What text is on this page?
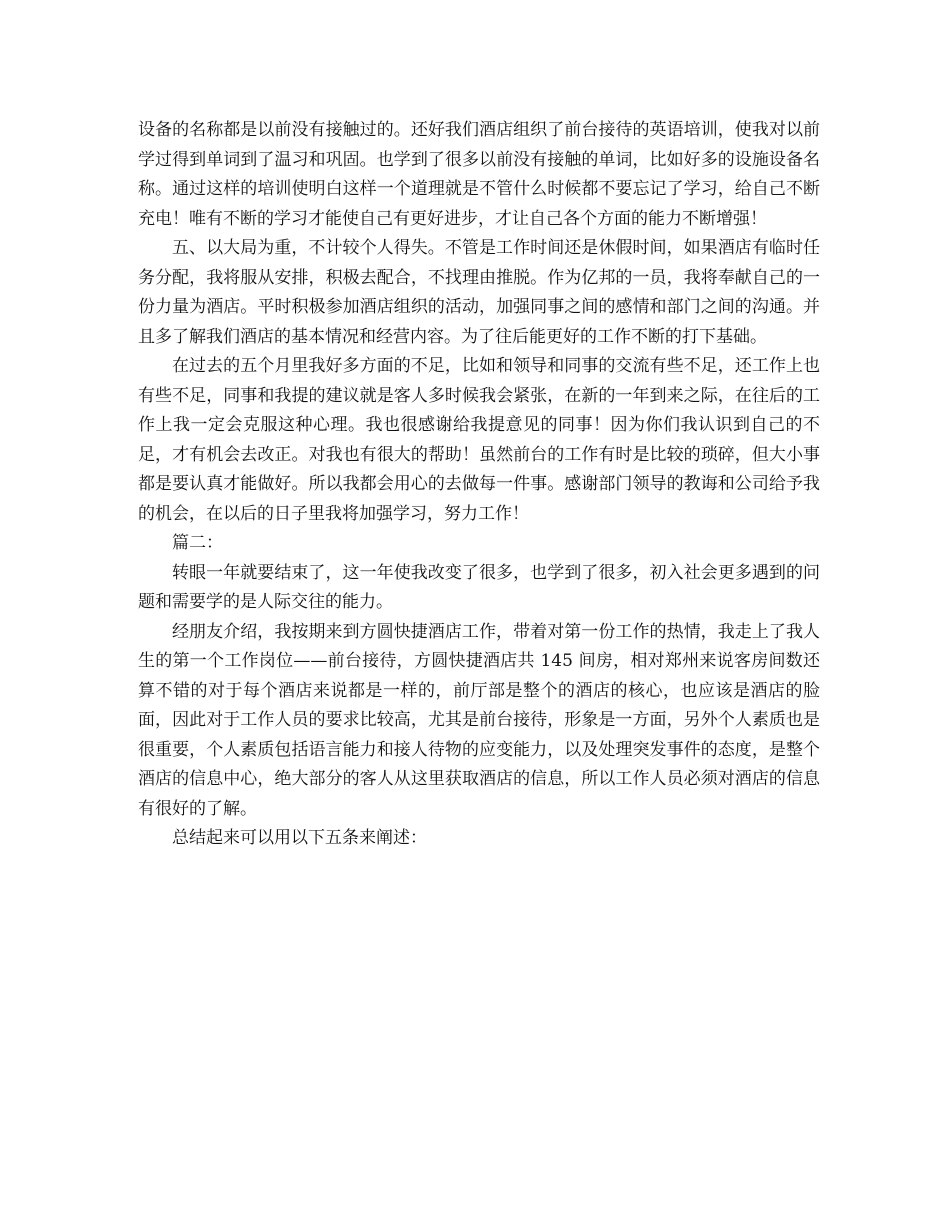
设备的名称都是以前没有接触过的。还好我们酒店组织了前台接待的英语培训，使我对以前学过得到单词到了温习和巩固。也学到了很多以前没有接触的单词，比如好多的设施设备名称。通过这样的培训使明白这样一个道理就是不管什么时候都不要忘记了学习，给自己不断充电！唯有不断的学习才能使自己有更好进步，才让自己各个方面的能力不断增强！

五、以大局为重，不计较个人得失。不管是工作时间还是休假时间，如果酒店有临时任务分配，我将服从安排，积极去配合，不找理由推脱。作为亿邦的一员，我将奉献自己的一份力量为酒店。平时积极参加酒店组织的活动，加强同事之间的感情和部门之间的沟通。并且多了解我们酒店的基本情况和经营内容。为了往后能更好的工作不断的打下基础。

在过去的五个月里我好多方面的不足，比如和领导和同事的交流有些不足，还工作上也有些不足，同事和我提的建议就是客人多时候我会紧张，在新的一年到来之际，在往后的工作上我一定会克服这种心理。我也很感谢给我提意见的同事！因为你们我认识到自己的不足，才有机会去改正。对我也有很大的帮助！虽然前台的工作有时是比较的琐碎，但大小事都是要认真才能做好。所以我都会用心的去做每一件事。感谢部门领导的教诲和公司给予我的机会，在以后的日子里我将加强学习，努力工作！

篇二：

转眼一年就要结束了，这一年使我改变了很多，也学到了很多，初入社会更多遇到的问题和需要学的是人际交往的能力。

经朋友介绍，我按期来到方圆快捷酒店工作，带着对第一份工作的热情，我走上了我人生的第一个工作岗位——前台接待，方圆快捷酒店共 145 间房，相对郑州来说客房间数还算不错的对于每个酒店来说都是一样的，前厅部是整个的酒店的核心，也应该是酒店的脸面，因此对于工作人员的要求比较高，尤其是前台接待，形象是一方面，另外个人素质也是很重要，个人素质包括语言能力和接人待物的应变能力，以及处理突发事件的态度，是整个酒店的信息中心，绝大部分的客人从这里获取酒店的信息，所以工作人员必须对酒店的信息有很好的了解。

总结起来可以用以下五条来阐述：
